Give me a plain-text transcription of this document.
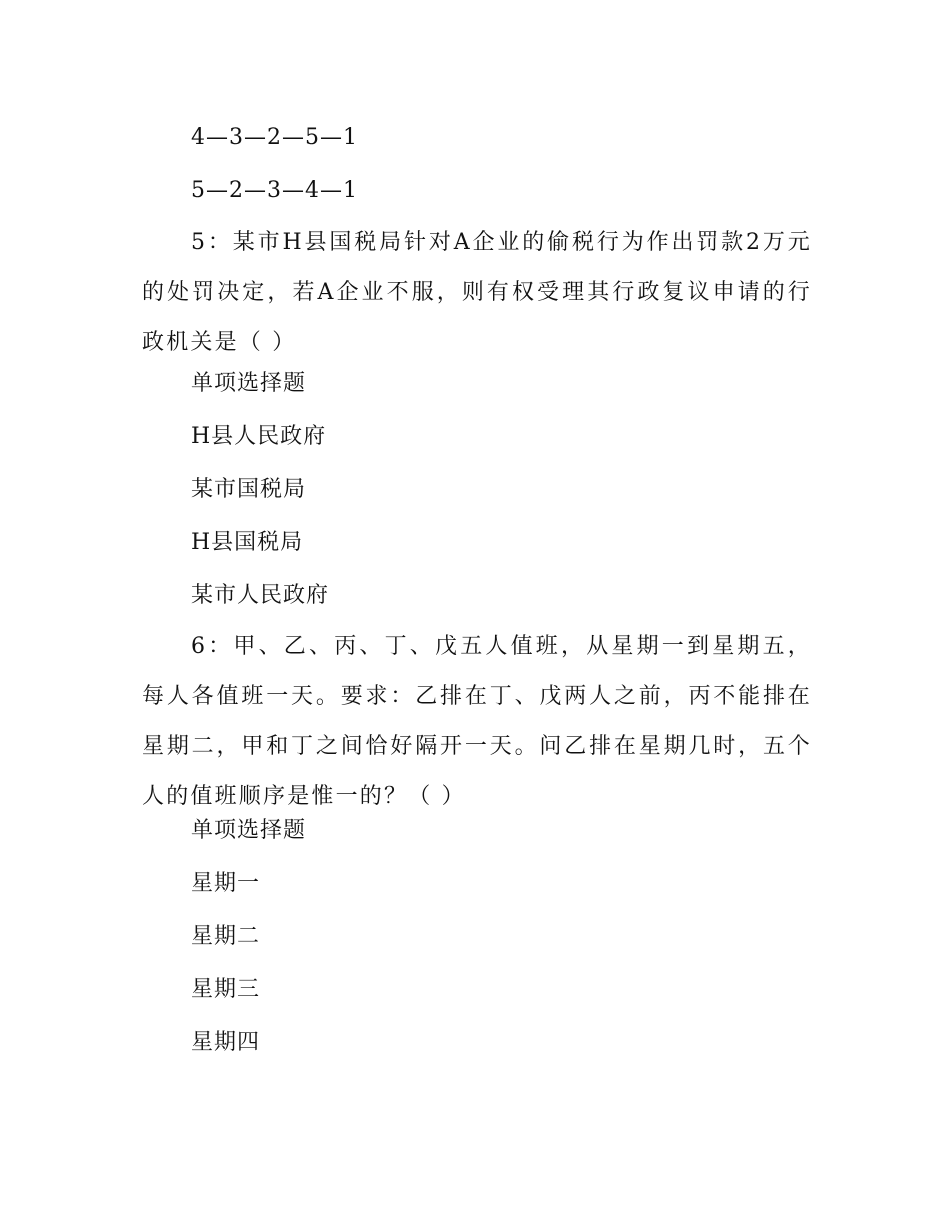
4—3—2—5—1
5—2—3—4—1
5：某市H县国税局针对A企业的偷税行为作出罚款2万元的处罚决定，若A企业不服，则有权受理其行政复议申请的行政机关是（ ）
单项选择题
H县人民政府
某市国税局
H县国税局
某市人民政府
6：甲、乙、丙、丁、戊五人值班，从星期一到星期五，每人各值班一天。要求：乙排在丁、戊两人之前，丙不能排在星期二，甲和丁之间恰好隔开一天。问乙排在星期几时，五个人的值班顺序是惟一的？（ ）
单项选择题
星期一
星期二
星期三
星期四
